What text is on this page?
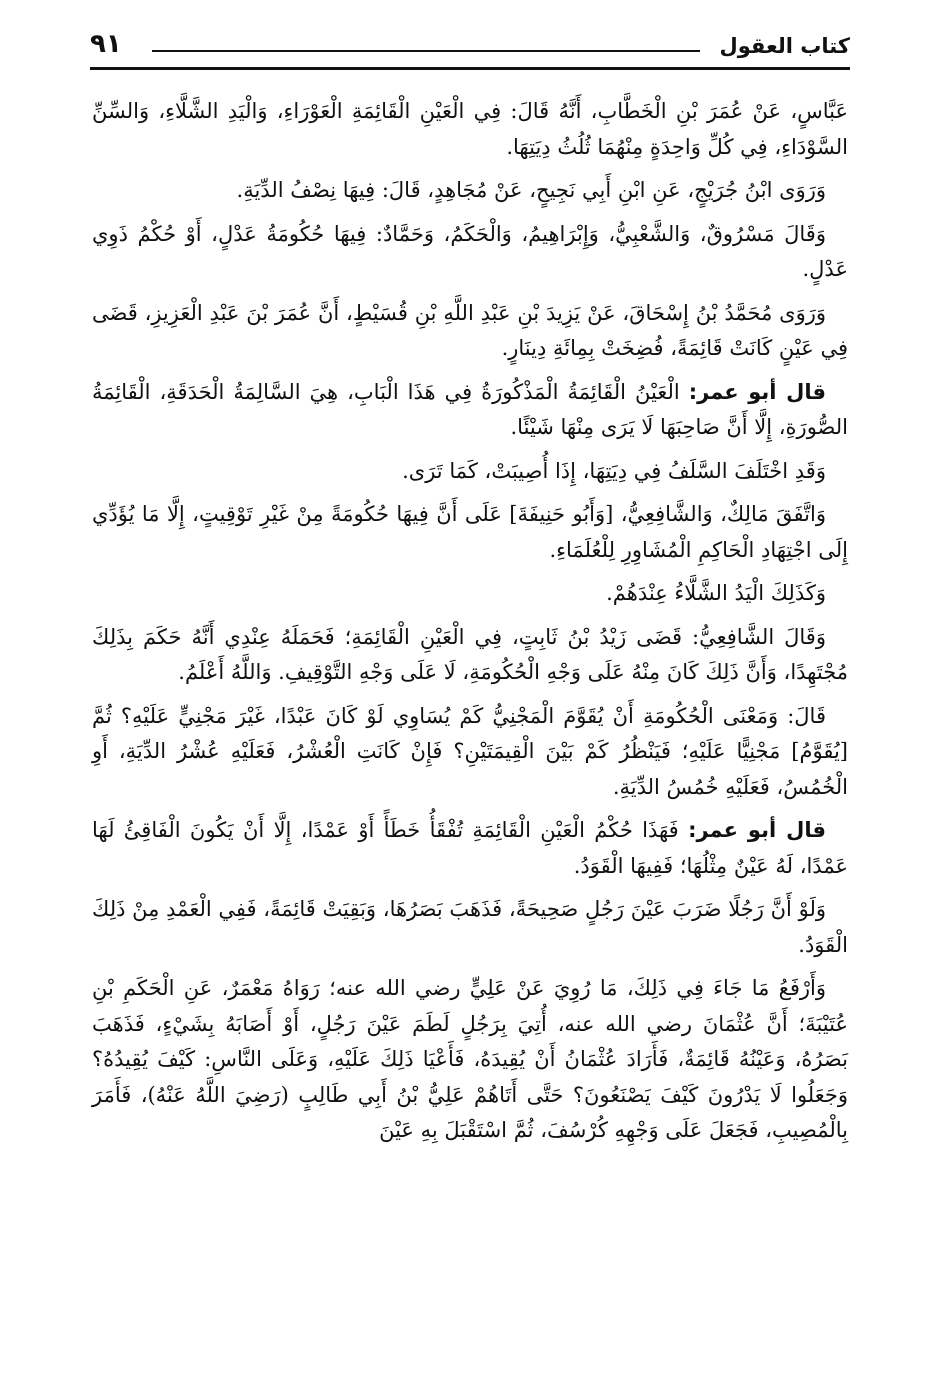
كتاب العقول
٩١

عَبَّاسٍ، عَنْ عُمَرَ بْنِ الْخَطَّابِ، أَنَّهُ قَالَ: فِي الْعَيْنِ الْقَائِمَةِ الْعَوْرَاءِ، وَالْيَدِ الشَّلَّاءِ، وَالسِّنِّ السَّوْدَاءِ، فِي كُلِّ وَاحِدَةٍ مِنْهُمَا ثُلُثُ دِيَتِهَا.

وَرَوَى ابْنُ جُرَيْجٍ، عَنِ ابْنِ أَبِي نَجِيحٍ، عَنْ مُجَاهِدٍ، قَالَ: فِيهَا نِصْفُ الدِّيَةِ.

وَقَالَ مَسْرُوقٌ، وَالشَّعْبِيُّ، وَإِبْرَاهِيمُ، وَالْحَكَمُ، وَحَمَّادٌ: فِيهَا حُكُومَةُ عَدْلٍ، أَوْ حُكْمُ ذَوِي عَدْلٍ.

وَرَوَى مُحَمَّدُ بْنُ إِسْحَاقَ، عَنْ يَزِيدَ بْنِ عَبْدِ اللَّهِ بْنِ قُسَيْطٍ، أَنَّ عُمَرَ بْنَ عَبْدِ الْعَزِيزِ، قَضَى فِي عَيْنٍ كَانَتْ قَائِمَةً، فُضِخَتْ بِمِائَةِ دِينَارٍ.

قال أبو عمر: الْعَيْنُ الْقَائِمَةُ الْمَذْكُورَةُ فِي هَذَا الْبَابِ، هِيَ السَّالِمَةُ الْحَدَقَةِ، الْقَائِمَةُ الصُّورَةِ، إِلَّا أَنَّ صَاحِبَهَا لَا يَرَى مِنْهَا شَيْئًا.

وَقَدِ اخْتَلَفَ السَّلَفُ فِي دِيَتِهَا، إِذَا أُصِيبَتْ، كَمَا تَرَى.

وَاتَّفَقَ مَالِكٌ، وَالشَّافِعِيُّ، [وَأَبُو حَنِيفَةَ] عَلَى أَنَّ فِيهَا حُكُومَةً مِنْ غَيْرِ تَوْقِيتٍ، إِلَّا مَا يُؤَدِّي إِلَى اجْتِهَادِ الْحَاكِمِ الْمُشَاوِرِ لِلْعُلَمَاءِ.

وَكَذَلِكَ الْيَدُ الشَّلَّاءُ عِنْدَهُمْ.

وَقَالَ الشَّافِعِيُّ: قَضَى زَيْدُ بْنُ ثَابِتٍ، فِي الْعَيْنِ الْقَائِمَةِ؛ فَحَمَلَهُ عِنْدِي أَنَّهُ حَكَمَ بِذَلِكَ مُجْتَهِدًا، وَأَنَّ ذَلِكَ كَانَ مِنْهُ عَلَى وَجْهِ الْحُكُومَةِ، لَا عَلَى وَجْهِ التَّوْقِيفِ. وَاللَّهُ أَعْلَمُ.

قَالَ: وَمَعْنَى الْحُكُومَةِ أَنْ يُقَوَّمَ الْمَجْنِيُّ كَمْ يُسَاوِي لَوْ كَانَ عَبْدًا، غَيْرَ مَجْنِيٍّ عَلَيْهِ؟ ثُمَّ [يُقَوَّمُ] مَجْنِيًّا عَلَيْهِ؛ فَيَنْظُرُ كَمْ بَيْنَ الْقِيمَتَيْنِ؟ فَإِنْ كَانَتِ الْعُشْرُ، فَعَلَيْهِ عُشْرُ الدِّيَةِ، أَوِ الْخُمُسُ، فَعَلَيْهِ خُمُسُ الدِّيَةِ.

قال أبو عمر: فَهَذَا حُكْمُ الْعَيْنِ الْقَائِمَةِ تُفْقَأُ خَطَأً أَوْ عَمْدًا، إِلَّا أَنْ يَكُونَ الْفَاقِئُ لَهَا عَمْدًا، لَهُ عَيْنٌ مِثْلُهَا؛ فَفِيهَا الْقَوَدُ.

وَلَوْ أَنَّ رَجُلًا ضَرَبَ عَيْنَ رَجُلٍ صَحِيحَةً، فَذَهَبَ بَصَرُهَا، وَبَقِيَتْ قَائِمَةً، فَفِي الْعَمْدِ مِنْ ذَلِكَ الْقَوَدُ.

وَأَرْفَعُ مَا جَاءَ فِي ذَلِكَ، مَا رُوِيَ عَنْ عَلِيٍّ رضي الله عنه؛ رَوَاهُ مَعْمَرٌ، عَنِ الْحَكَمِ بْنِ عُتَيْبَةَ؛ أَنَّ عُثْمَانَ رضي الله عنه، أُتِيَ بِرَجُلٍ لَطَمَ عَيْنَ رَجُلٍ، أَوْ أَصَابَهُ بِشَيْءٍ، فَذَهَبَ بَصَرُهُ، وَعَيْنُهُ قَائِمَةٌ، فَأَرَادَ عُثْمَانُ أَنْ يُقِيدَهُ، فَأَعْيَا ذَلِكَ عَلَيْهِ، وَعَلَى النَّاسِ: كَيْفَ يُقِيدُهُ؟ وَجَعَلُوا لَا يَدْرُونَ كَيْفَ يَصْنَعُونَ؟ حَتَّى أَتَاهُمْ عَلِيُّ بْنُ أَبِي طَالِبٍ (رَضِيَ اللَّهُ عَنْهُ)، فَأَمَرَ بِالْمُصِيبِ، فَجَعَلَ عَلَى وَجْهِهِ كُرْسُفَ، ثُمَّ اسْتَقْبَلَ بِهِ عَيْنَ
